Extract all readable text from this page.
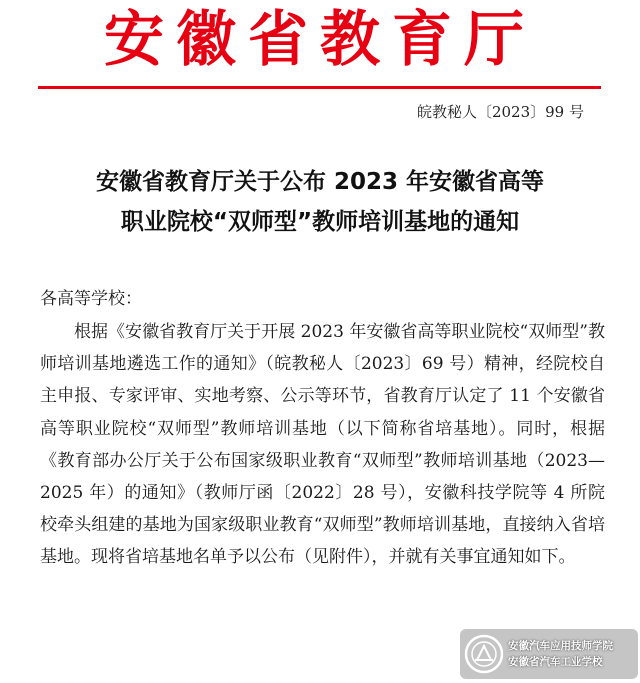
安徽省教育厅
皖教秘人〔2023〕99 号
安徽省教育厅关于公布 2023 年安徽省高等
职业院校“双师型”教师培训基地的通知
各高等学校：

根据《安徽省教育厅关于开展 2023 年安徽省高等职业院校“双师型”教师培训基地遴选工作的通知》（皖教秘人〔2023〕69 号）精神，经院校自主申报、专家评审、实地考察、公示等环节，省教育厅认定了 11 个安徽省高等职业院校“双师型”教师培训基地（以下简称省培基地）。同时，根据《教育部办公厅关于公布国家级职业教育“双师型”教师培训基地（2023—2025 年）的通知》（教师厅函〔2022〕28 号），安徽科技学院等 4 所院校牵头组建的基地为国家级职业教育“双师型”教师培训基地，直接纳入省培基地。现将省培基地名单予以公布（见附件），并就有关事宜通知如下。

安徽汽车应用技师学院
安徽省汽车工业学校
